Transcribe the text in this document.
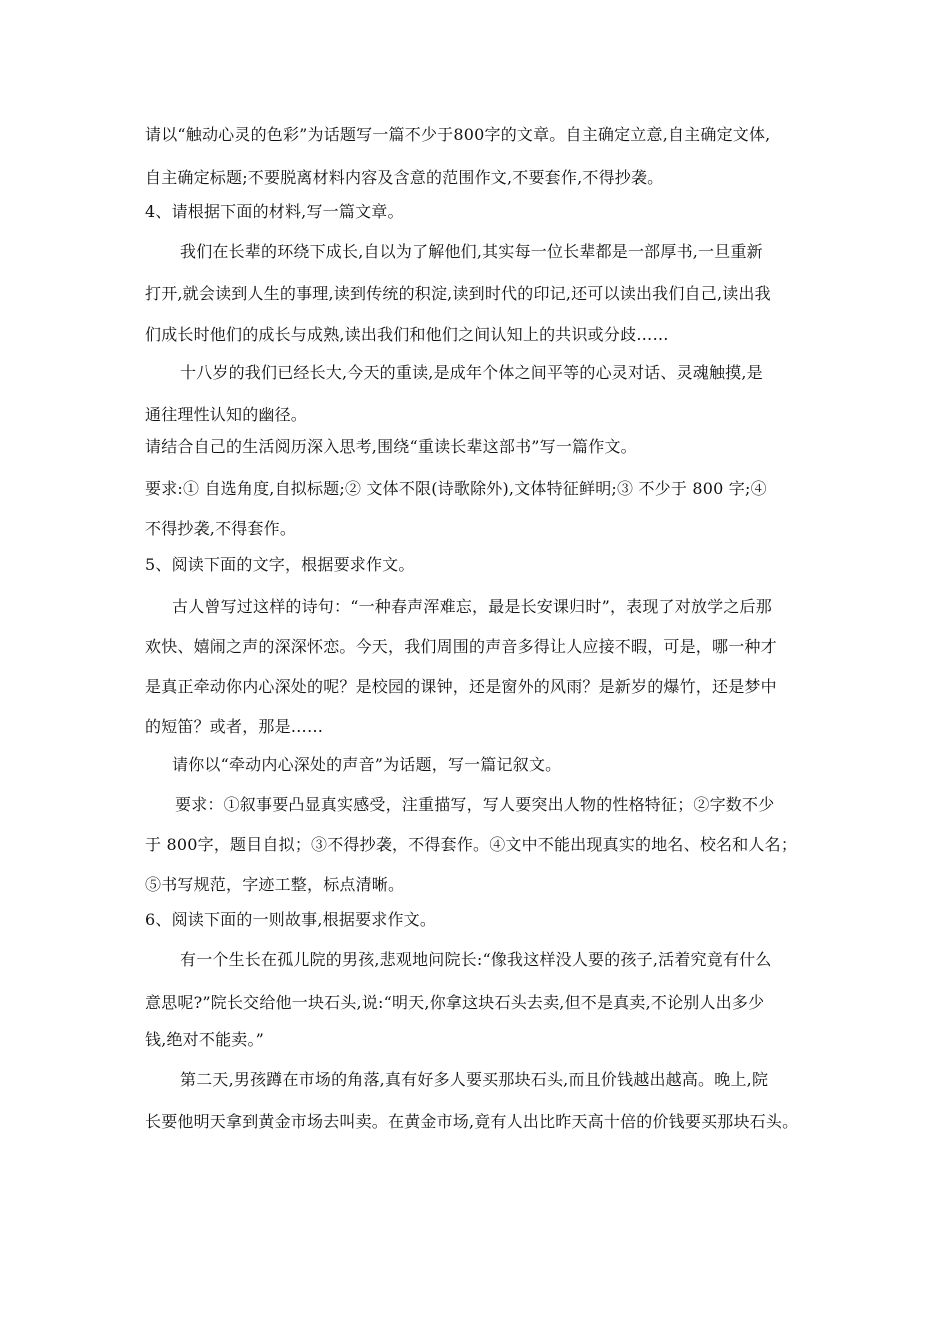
请以“触动心灵的色彩”为话题写一篇不少于800字的文章。自主确定立意,自主确定文体,
自主确定标题;不要脱离材料内容及含意的范围作文,不要套作,不得抄袭。
4、请根据下面的材料,写一篇文章。
我们在长辈的环绕下成长,自以为了解他们,其实每一位长辈都是一部厚书,一旦重新
打开,就会读到人生的事理,读到传统的积淀,读到时代的印记,还可以读出我们自己,读出我
们成长时他们的成长与成熟,读出我们和他们之间认知上的共识或分歧……
十八岁的我们已经长大,今天的重读,是成年个体之间平等的心灵对话、灵魂触摸,是
通往理性认知的幽径。
请结合自己的生活阅历深入思考,围绕“重读长辈这部书”写一篇作文。
要求:① 自选角度,自拟标题;② 文体不限(诗歌除外),文体特征鲜明;③ 不少于 800 字;④
不得抄袭,不得套作。
5、阅读下面的文字，根据要求作文。
古人曾写过这样的诗句：“一种春声浑难忘，最是长安课归时”，表现了对放学之后那
欢快、嬉闹之声的深深怀恋。今天，我们周围的声音多得让人应接不暇，可是，哪一种才
是真正牵动你内心深处的呢？是校园的课钟，还是窗外的风雨？是新岁的爆竹，还是梦中
的短笛？或者，那是……
请你以“牵动内心深处的声音”为话题，写一篇记叙文。
要求：①叙事要凸显真实感受，注重描写，写人要突出人物的性格特征；②字数不少
于 800字，题目自拟；③不得抄袭，不得套作。④文中不能出现真实的地名、校名和人名；
⑤书写规范，字迹工整，标点清晰。
6、阅读下面的一则故事,根据要求作文。
有一个生长在孤儿院的男孩,悲观地问院长:“像我这样没人要的孩子,活着究竟有什么
意思呢?”院长交给他一块石头,说:“明天,你拿这块石头去卖,但不是真卖,不论别人出多少
钱,绝对不能卖。”
第二天,男孩蹲在市场的角落,真有好多人要买那块石头,而且价钱越出越高。晚上,院
长要他明天拿到黄金市场去叫卖。在黄金市场,竟有人出比昨天高十倍的价钱要买那块石头。
